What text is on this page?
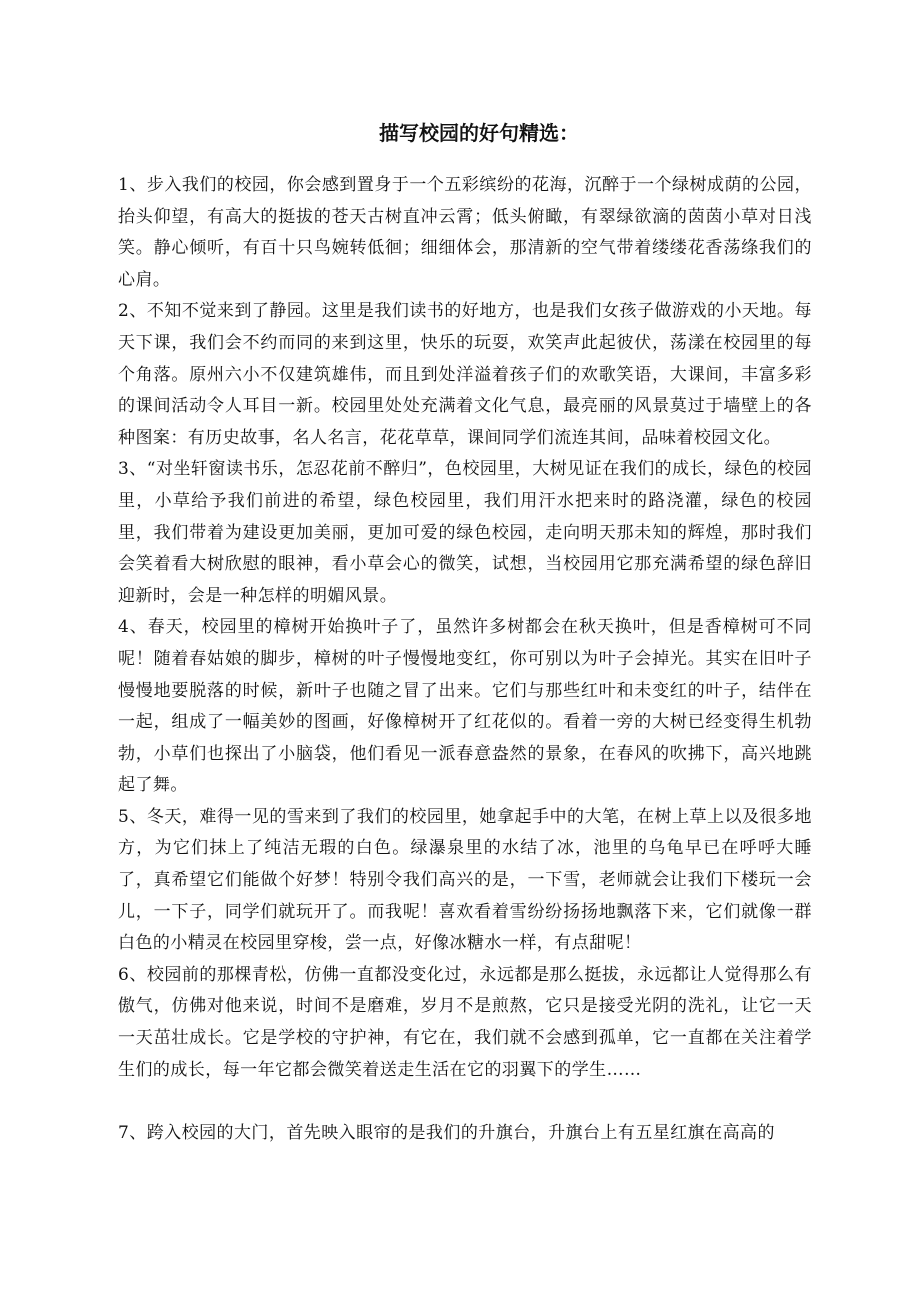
描写校园的好句精选：

1、步入我们的校园，你会感到置身于一个五彩缤纷的花海，沉醉于一个绿树成荫的公园，抬头仰望，有高大的挺拔的苍天古树直冲云霄；低头俯瞰，有翠绿欲滴的茵茵小草对日浅笑。静心倾听，有百十只鸟婉转低徊；细细体会，那清新的空气带着缕缕花香荡绦我们的心肩。

2、不知不觉来到了静园。这里是我们读书的好地方，也是我们女孩子做游戏的小天地。每天下课，我们会不约而同的来到这里，快乐的玩耍，欢笑声此起彼伏，荡漾在校园里的每个角落。原州六小不仅建筑雄伟，而且到处洋溢着孩子们的欢歌笑语，大课间，丰富多彩的课间活动令人耳目一新。校园里处处充满着文化气息，最亮丽的风景莫过于墙壁上的各种图案：有历史故事，名人名言，花花草草，课间同学们流连其间，品味着校园文化。

3、“对坐轩窗读书乐，怎忍花前不醉归”，色校园里，大树见证在我们的成长，绿色的校园里，小草给予我们前进的希望，绿色校园里，我们用汗水把来时的路浇灌，绿色的校园里，我们带着为建设更加美丽，更加可爱的绿色校园，走向明天那未知的辉煌，那时我们会笑着看大树欣慰的眼神，看小草会心的微笑，试想，当校园用它那充满希望的绿色辞旧迎新时，会是一种怎样的明媚风景。

4、春天，校园里的樟树开始换叶子了，虽然许多树都会在秋天换叶，但是香樟树可不同呢！随着春姑娘的脚步，樟树的叶子慢慢地变红，你可别以为叶子会掉光。其实在旧叶子慢慢地要脱落的时候，新叶子也随之冒了出来。它们与那些红叶和未变红的叶子，结伴在一起，组成了一幅美妙的图画，好像樟树开了红花似的。看着一旁的大树已经变得生机勃勃，小草们也探出了小脑袋，他们看见一派春意盎然的景象，在春风的吹拂下，高兴地跳起了舞。

5、冬天，难得一见的雪来到了我们的校园里，她拿起手中的大笔，在树上草上以及很多地方，为它们抹上了纯洁无瑕的白色。绿瀑泉里的水结了冰，池里的乌龟早已在呼呼大睡了，真希望它们能做个好梦！特别令我们高兴的是，一下雪，老师就会让我们下楼玩一会儿，一下子，同学们就玩开了。而我呢！喜欢看着雪纷纷扬扬地飘落下来，它们就像一群白色的小精灵在校园里穿梭，尝一点，好像冰糖水一样，有点甜呢！

6、校园前的那棵青松，仿佛一直都没变化过，永远都是那么挺拔，永远都让人觉得那么有傲气，仿佛对他来说，时间不是磨难，岁月不是煎熬，它只是接受光阴的洗礼，让它一天一天茁壮成长。它是学校的守护神，有它在，我们就不会感到孤单，它一直都在关注着学生们的成长，每一年它都会微笑着送走生活在它的羽翼下的学生……

7、跨入校园的大门，首先映入眼帘的是我们的升旗台，升旗台上有五星红旗在高高的
